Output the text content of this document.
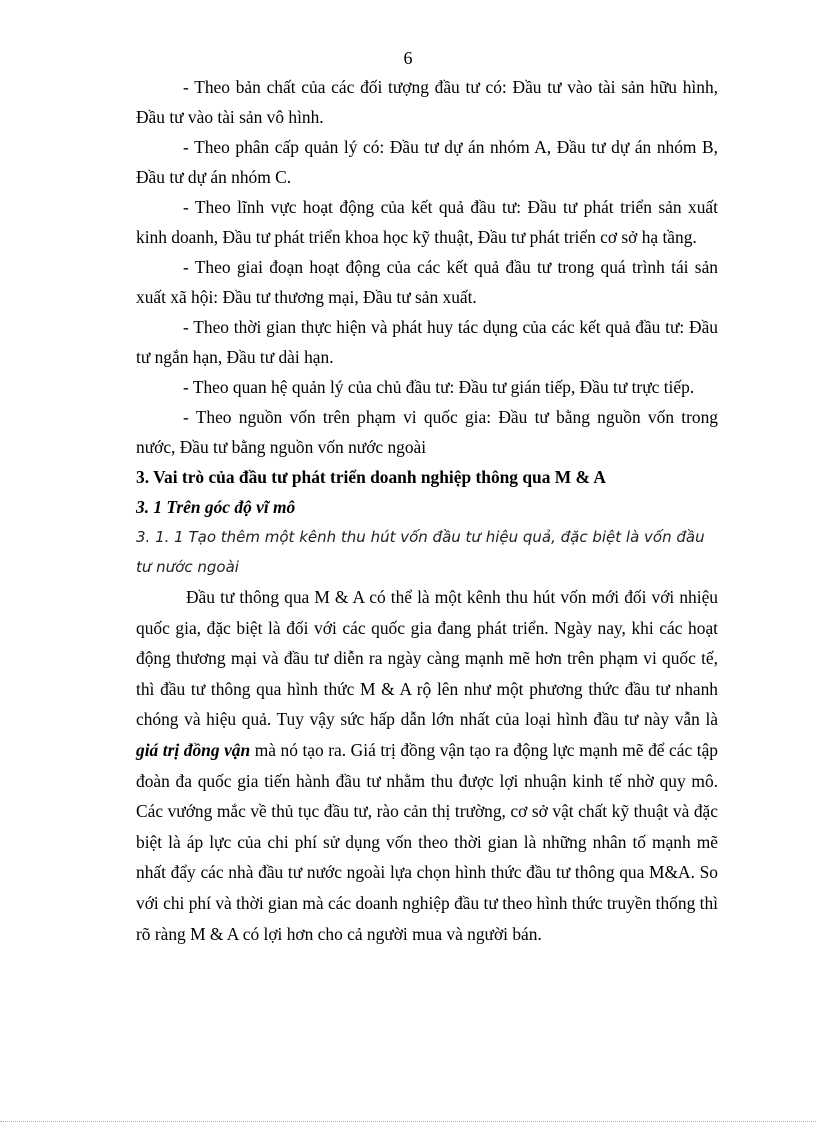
6

- Theo bản chất của các đối tượng đầu tư có: Đầu tư vào tài sản hữu hình, Đầu tư vào tài sản vô hình.

- Theo phân cấp quản lý có: Đầu tư dự án nhóm A, Đầu tư dự án nhóm B, Đầu tư dự án nhóm C.

- Theo lĩnh vực hoạt động của kết quả đầu tư: Đầu tư phát triển sản xuất kinh doanh, Đầu tư phát triển khoa học kỹ thuật, Đầu tư phát triển cơ sở hạ tầng.

- Theo giai đoạn hoạt động của các kết quả đầu tư trong quá trình tái sản xuất xã hội: Đầu tư thương mại, Đầu tư sản xuất.

- Theo thời gian thực hiện và phát huy tác dụng của các kết quả đầu tư: Đầu tư ngắn hạn, Đầu tư dài hạn.

- Theo quan hệ quản lý của chủ đầu tư: Đầu tư gián tiếp, Đầu tư trực tiếp.

- Theo nguồn vốn trên phạm vi quốc gia: Đầu tư bằng nguồn vốn trong nước, Đầu tư bằng nguồn vốn nước ngoài

3. Vai trò của đầu tư phát triển doanh nghiệp thông qua M & A

3. 1 Trên góc độ vĩ mô

3. 1. 1 Tạo thêm một kênh thu hút vốn đầu tư hiệu quả, đặc biệt là vốn đầu tư nước ngoài

Đầu tư thông qua M & A có thể là một kênh thu hút vốn mới đối với nhiệu quốc gia, đặc biệt là đối với các quốc gia đang phát triển. Ngày nay, khi các hoạt động thương mại và đầu tư diễn ra ngày càng mạnh mẽ hơn trên phạm vi quốc tế, thì đầu tư thông qua hình thức M & A rộ lên như một phương thức đầu tư nhanh chóng và hiệu quả. Tuy vậy sức hấp dẫn lớn nhất của loại hình đầu tư này vẫn là giá trị đồng vận mà nó tạo ra. Giá trị đồng vận tạo ra động lực mạnh mẽ để các tập đoàn đa quốc gia tiến hành đầu tư nhằm thu được lợi nhuận kinh tế nhờ quy mô. Các vướng mắc về thủ tục đầu tư, rào cản thị trường, cơ sở vật chất kỹ thuật và đặc biệt là áp lực của chi phí sử dụng vốn theo thời gian là những nhân tố mạnh mẽ nhất đẩy các nhà đầu tư nước ngoài lựa chọn hình thức đầu tư thông qua M&A. So với chi phí và thời gian mà các doanh nghiệp đầu tư theo hình thức truyền thống thì rõ ràng M & A có lợi hơn cho cả người mua và người bán.
